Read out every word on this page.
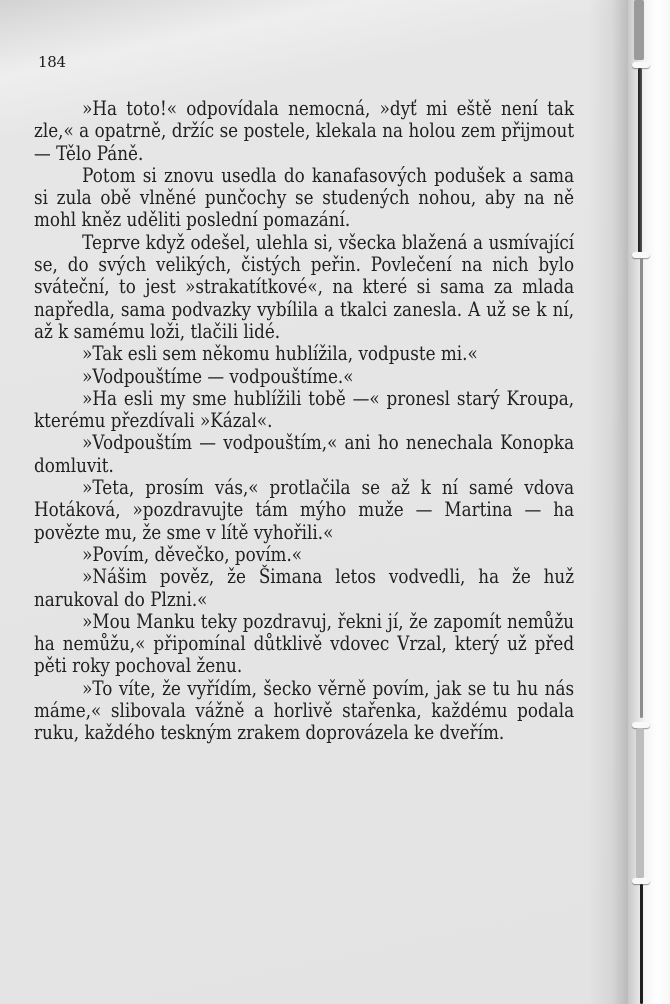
184

»Ha toto!« odpovídala nemocná, »dyť mi eště není tak zle,« a opatrně, držíc se postele, klekala na holou zem přijmout — Tělo Páně.

Potom si znovu usedla do kanafasových podušek a sama si zula obě vlněné punčochy se studených nohou, aby na ně mohl kněz uděliti poslední pomazání.

Teprve když odešel, ulehla si, všecka blažená a usmívající se, do svých velikých, čistých peřin. Povlečení na nich bylo sváteční, to jest »strakatítkové«, na které si sama za mlada napředla, sama podvazky vybílila a tkalci zanesla. A už se k ní, až k samému loži, tlačili lidé.

»Tak esli sem někomu hublížila, vodpuste mi.«

»Vodpouštíme — vodpouštíme.«

»Ha esli my sme hublížili tobě —« pronesl starý Kroupa, kterému přezdívali »Kázal«.

»Vodpouštím — vodpouštím,« ani ho nenechala Konopka domluvit.

»Teta, prosím vás,« protlačila se až k ní samé vdova Hotáková, »pozdravujte tám mýho muže — Martina — ha povězte mu, že sme v lítě vyhořili.«

»Povím, děvečko, povím.«

»Nášim pověz, že Šimana letos vodvedli, ha že huž narukoval do Plzni.«

»Mou Manku teky pozdravuj, řekni jí, že zapomít nemůžu ha nemůžu,« připomínal důtklivě vdovec Vrzal, který už před pěti roky pochoval ženu.

»To víte, že vyřídím, šecko věrně povím, jak se tu hu nás máme,« slibovala vážně a horlivě stařenka, každému podala ruku, každého teskným zrakem doprovázela ke dveřím.
